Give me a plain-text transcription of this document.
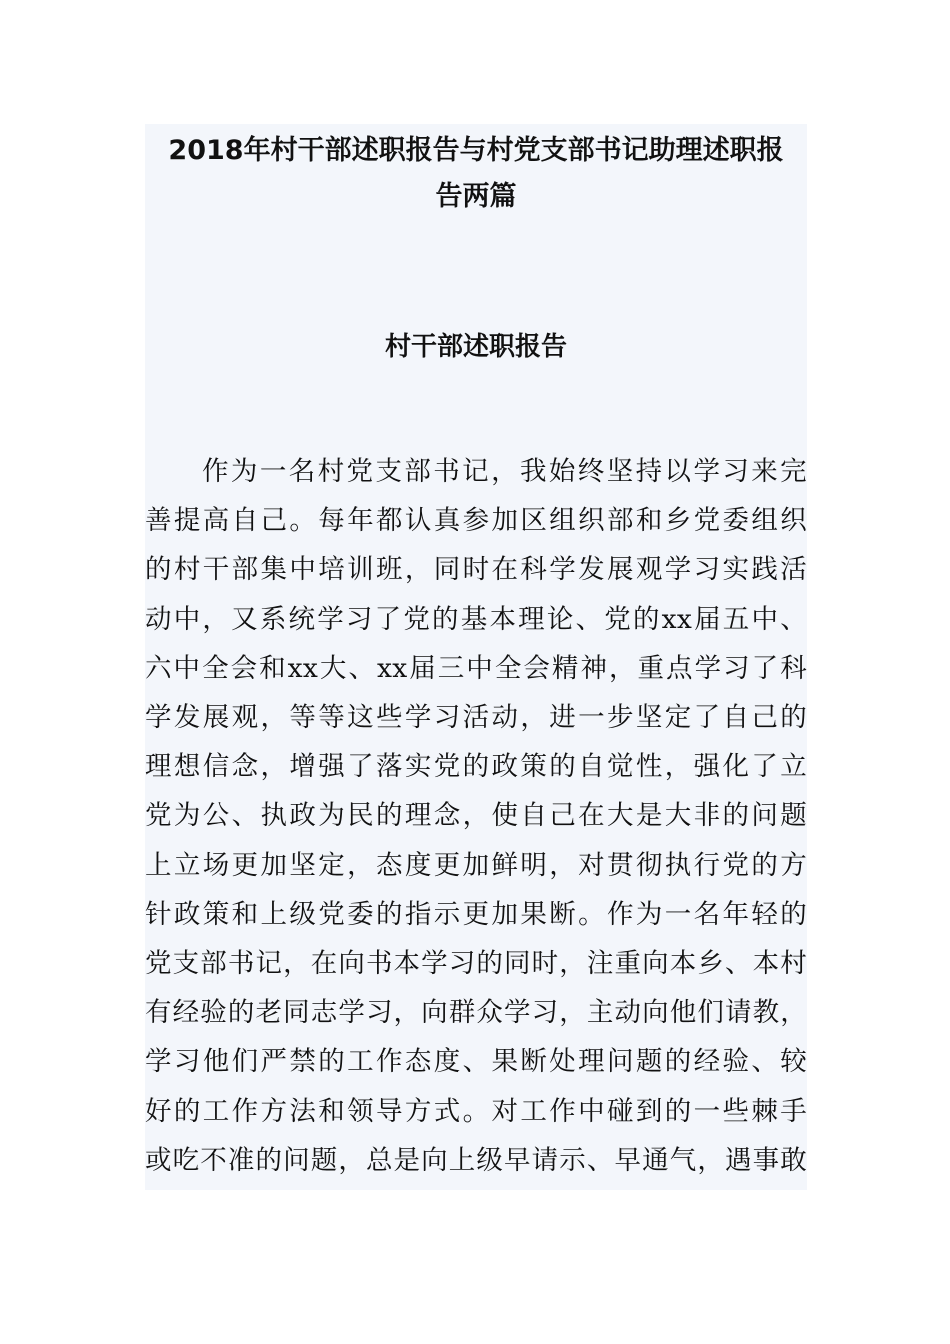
2018年村干部述职报告与村党支部书记助理述职报
告两篇
村干部述职报告
作为一名村党支部书记，我始终坚持以学习来完
善提高自己。每年都认真参加区组织部和乡党委组织
的村干部集中培训班，同时在科学发展观学习实践活
动中，又系统学习了党的基本理论、党的xx届五中、
六中全会和xx大、xx届三中全会精神，重点学习了科
学发展观，等等这些学习活动，进一步坚定了自己的
理想信念，增强了落实党的政策的自觉性，强化了立
党为公、执政为民的理念，使自己在大是大非的问题
上立场更加坚定，态度更加鲜明，对贯彻执行党的方
针政策和上级党委的指示更加果断。作为一名年轻的
党支部书记，在向书本学习的同时，注重向本乡、本村
有经验的老同志学习，向群众学习，主动向他们请教，
学习他们严禁的工作态度、果断处理问题的经验、较
好的工作方法和领导方式。对工作中碰到的一些棘手
或吃不准的问题，总是向上级早请示、早通气，遇事敢
